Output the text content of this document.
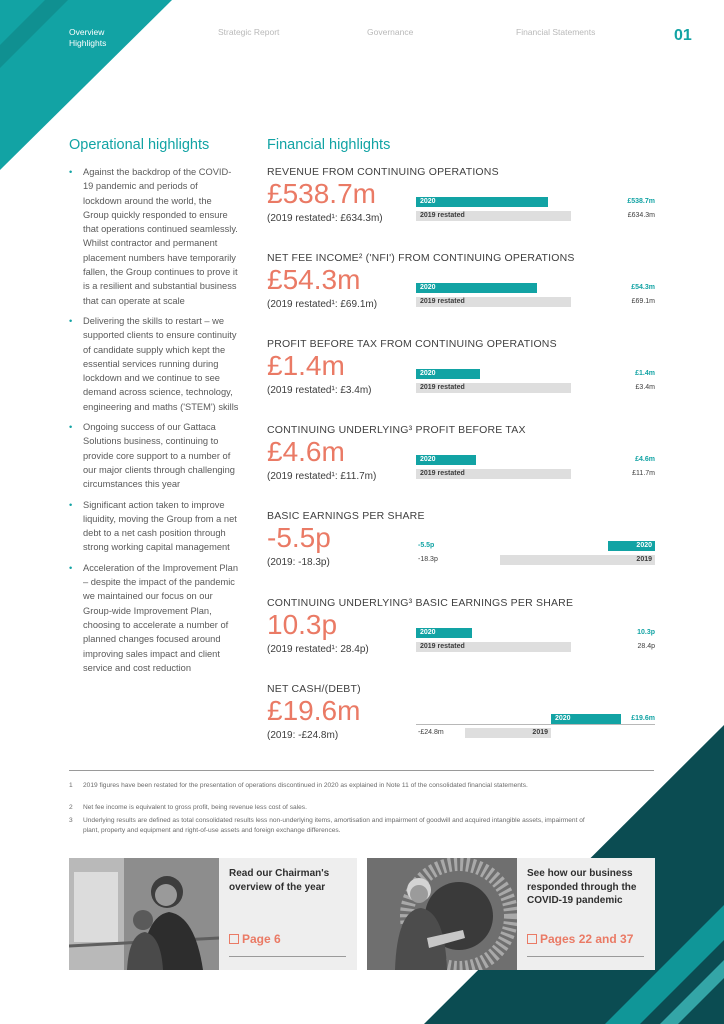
Overview
Highlights
Strategic Report	Governance	Financial Statements	01
Operational highlights	Financial highlights
• Against the backdrop of the COVID-19 pandemic and periods of lockdown around the world, the Group quickly responded to ensure that operations continued seamlessly. Whilst contractor and permanent placement numbers have temporarily fallen, the Group continues to prove it is a resilient and substantial business that can operate at scale
• Delivering the skills to restart – we supported clients to ensure continuity of candidate supply which kept the essential services running during lockdown and we continue to see demand across science, technology, engineering and maths ('STEM') skills
• Ongoing success of our Gattaca Solutions business, continuing to provide core support to a number of our major clients through challenging circumstances this year
• Significant action taken to improve liquidity, moving the Group from a net debt to a net cash position through strong working capital management
• Acceleration of the Improvement Plan – despite the impact of the pandemic we maintained our focus on our Group-wide Improvement Plan, choosing to accelerate a number of planned changes focused around improving sales impact and client service and cost reduction
REVENUE FROM CONTINUING OPERATIONS
£538.7m
(2019 restated¹: £634.3m)
2020	£538.7m
2019 restated	£634.3m
NET FEE INCOME² ('NFI') FROM CONTINUING OPERATIONS
£54.3m
(2019 restated¹: £69.1m)
2020	£54.3m
2019 restated	£69.1m
PROFIT BEFORE TAX FROM CONTINUING OPERATIONS
£1.4m
(2019 restated¹: £3.4m)
2020	£1.4m
2019 restated	£3.4m
CONTINUING UNDERLYING³ PROFIT BEFORE TAX
£4.6m
(2019 restated¹: £11.7m)
2020	£4.6m
2019 restated	£11.7m
BASIC EARNINGS PER SHARE
-5.5p
(2019: -18.3p)
-5.5p	2020
-18.3p	2019
CONTINUING UNDERLYING³ BASIC EARNINGS PER SHARE
10.3p
(2019 restated¹: 28.4p)
2020	10.3p
2019 restated	28.4p
NET CASH/(DEBT)
£19.6m
(2019: -£24.8m)
2020	£19.6m
-£24.8m	2019
1 2019 figures have been restated for the presentation of operations discontinued in 2020 as explained in Note 11 of the consolidated financial statements.
2 Net fee income is equivalent to gross profit, being revenue less cost of sales.
3 Underlying results are defined as total consolidated results less non-underlying items, amortisation and impairment of goodwill and acquired intangible assets, impairment of plant, property and equipment and right-of-use assets and foreign exchange differences.
Read our Chairman's overview of the year
Page 6
See how our business responded through the COVID-19 pandemic
Pages 22 and 37
